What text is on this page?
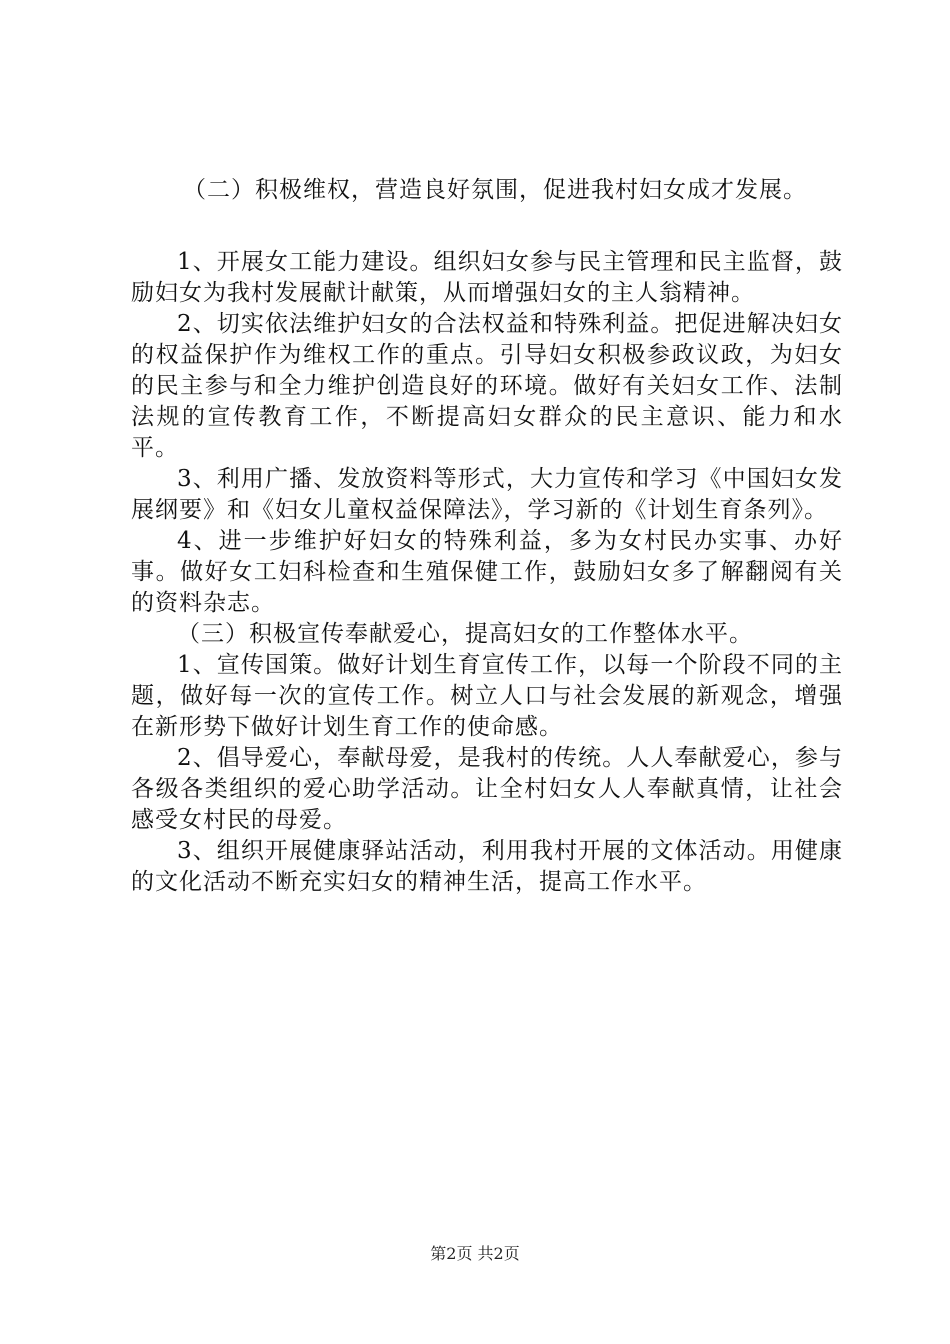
（二）积极维权，营造良好氛围，促进我村妇女成才发展。

1、开展女工能力建设。组织妇女参与民主管理和民主监督，鼓励妇女为我村发展献计献策，从而增强妇女的主人翁精神。

2、切实依法维护妇女的合法权益和特殊利益。把促进解决妇女的权益保护作为维权工作的重点。引导妇女积极参政议政，为妇女的民主参与和全力维护创造良好的环境。做好有关妇女工作、法制法规的宣传教育工作，不断提高妇女群众的民主意识、能力和水平。

3、利用广播、发放资料等形式，大力宣传和学习《中国妇女发展纲要》和《妇女儿童权益保障法》，学习新的《计划生育条列》。

4、进一步维护好妇女的特殊利益，多为女村民办实事、办好事。做好女工妇科检查和生殖保健工作，鼓励妇女多了解翻阅有关的资料杂志。

（三）积极宣传奉献爱心，提高妇女的工作整体水平。

1、宣传国策。做好计划生育宣传工作，以每一个阶段不同的主题，做好每一次的宣传工作。树立人口与社会发展的新观念，增强在新形势下做好计划生育工作的使命感。

2、倡导爱心，奉献母爱，是我村的传统。人人奉献爱心，参与各级各类组织的爱心助学活动。让全村妇女人人奉献真情，让社会感受女村民的母爱。

3、组织开展健康驿站活动，利用我村开展的文体活动。用健康的文化活动不断充实妇女的精神生活，提高工作水平。

第2页 共2页
